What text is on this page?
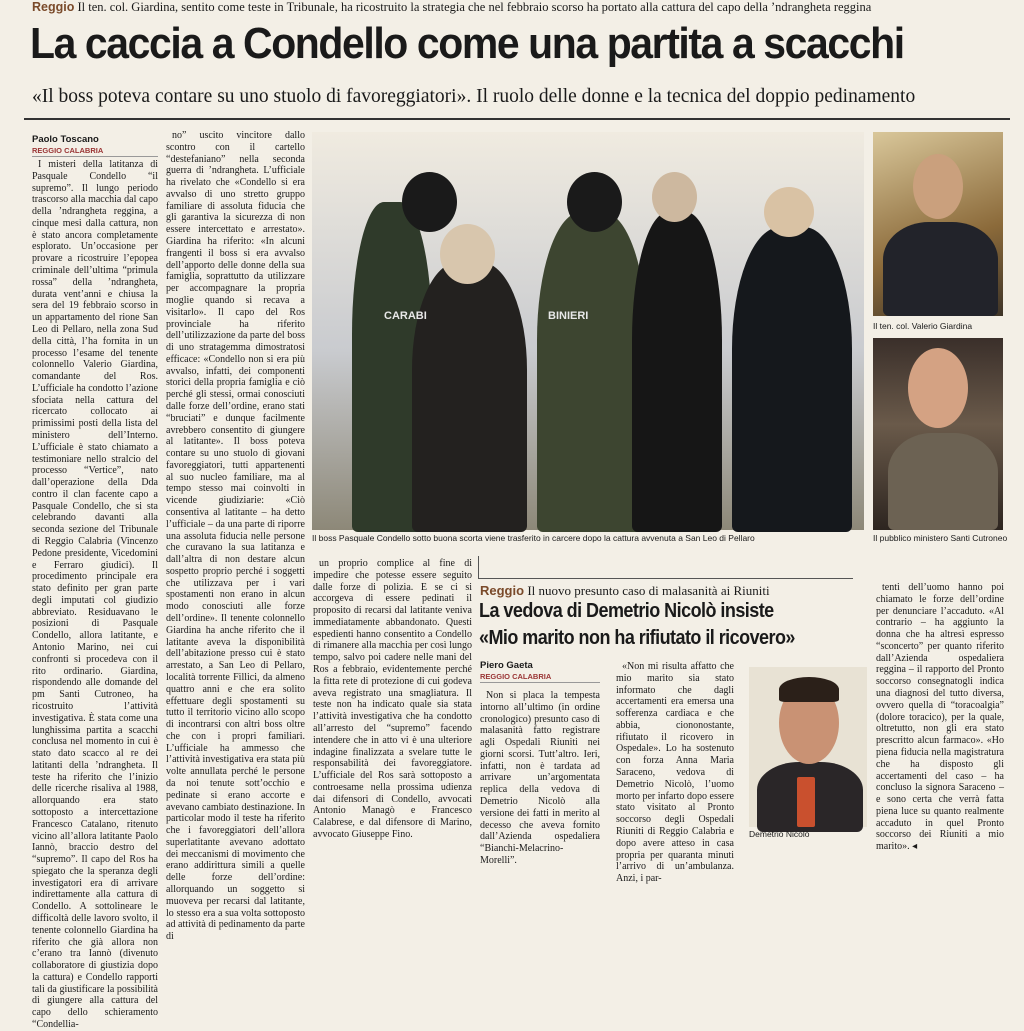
Reggio Il ten. col. Giardina, sentito come teste in Tribunale, ha ricostruito la strategia che nel febbraio scorso ha portato alla cattura del capo della ’ndrangheta reggina
La caccia a Condello come una partita a scacchi
«Il boss poteva contare su uno stuolo di favoreggiatori». Il ruolo delle donne e la tecnica del doppio pedinamento
Paolo Toscano
REGGIO CALABRIA

I misteri della latitanza di Pasquale Condello “il supremo”. Il lungo periodo trascorso alla macchia dal capo della ’ndrangheta reggina, a cinque mesi dalla cattura, non è stato ancora completamente esplorato. Un’occasione per provare a ricostruire l’epopea criminale dell’ultima “primula rossa” della ’ndrangheta, durata vent’anni e chiusa la sera del 19 febbraio scorso in un appartamento del rione San Leo di Pellaro, nella zona Sud della città, l’ha fornita in un processo l’esame del tenente colonnello Valerio Giardina, comandante del Ros. L’ufficiale ha condotto l’azione sfociata nella cattura del ricercato collocato ai primissimi posti della lista del ministero dell’Interno. L’ufficiale è stato chiamato a testimoniare nello stralcio del processo “Vertice”, nato dall’operazione della Dda contro il clan facente capo a Pasquale Condello, che si sta celebrando davanti alla seconda sezione del Tribunale di Reggio Calabria (Vincenzo Pedone presidente, Vicedomini e Ferraro giudici). Il procedimento principale era stato definito per gran parte degli imputati col giudizio abbreviato. Residuavano le posizioni di Pasquale Condello, allora latitante, e Antonio Marino, nei cui confronti si procedeva con il rito ordinario. Giardina, rispondendo alle domande del pm Santi Cutroneo, ha ricostruito l’attività investigativa. È stata come una lunghissima partita a scacchi conclusa nel momento in cui è stato dato scacco al re dei latitanti della ’ndrangheta. Il teste ha riferito che l’inizio delle ricerche risaliva al 1988, allorquando era stato sottoposto a intercettazione Francesco Catalano, ritenuto vicino all’allora latitante Paolo Iannò, braccio destro del “supremo”. Il capo del Ros ha spiegato che la speranza degli investigatori era di arrivare indirettamente alla cattura di Condello. A sottolineare le difficoltà delle lavoro svolto, il tenente colonnello Giardina ha riferito che già allora non c’erano tra Iannò (divenuto collaboratore di giustizia dopo la cattura) e Condello rapporti tali da giustificare la possibilità di giungere alla cattura del capo dello schieramento “Condellia-

no” uscito vincitore dallo scontro con il cartello “destefaniano” nella seconda guerra di ’ndrangheta. L’ufficiale ha rivelato che «Condello si era avvalso di uno stretto gruppo familiare di assoluta fiducia che gli garantiva la sicurezza di non essere intercettato e arrestato». Giardina ha riferito: «In alcuni frangenti il boss si era avvalso dell’apporto delle donne della sua famiglia, soprattutto da utilizzare per accompagnare la propria moglie quando si recava a visitarlo». Il capo del Ros provinciale ha riferito dell’utilizzazione da parte del boss di uno stratagemma dimostratosi efficace: «Condello non si era più avvalso, infatti, dei componenti storici della propria famiglia e ciò perché gli stessi, ormai conosciuti dalle forze dell’ordine, erano stati “bruciati” e dunque facilmente avrebbero consentito di giungere al latitante». Il boss poteva contare su uno stuolo di giovani favoreggiatori, tutti appartenenti al suo nucleo familiare, ma al tempo stesso mai coinvolti in vicende giudiziarie: «Ciò consentiva al latitante – ha detto l’ufficiale – da una parte di riporre una assoluta fiducia nelle persone che curavano la sua latitanza e dall’altra di non destare alcun sospetto proprio perché i soggetti che utilizzava per i vari spostamenti non erano in alcun modo conosciuti alle forze dell’ordine». Il tenente colonnello Giardina ha anche riferito che il latitante aveva la disponibilità dell’abitazione presso cui è stato arrestato, a San Leo di Pellaro, località torrente Fillici, da almeno quattro anni e che era solito effettuare degli spostamenti su tutto il territorio vicino allo scopo di incontrarsi con altri boss oltre che con i propri familiari. L’ufficiale ha ammesso che l’attività investigativa era stata più volte annullata perché le persone da noi tenute sott’occhio e pedinate si erano accorte e avevano cambiato destinazione. In particolar modo il teste ha riferito che i favoreggiatori dell’allora superlatitante avevano adottato dei meccanismi di movimento che erano addirittura simili a quelle delle forze dell’ordine: allorquando un soggetto si muoveva per recarsi dal latitante, lo stesso era a sua volta sottoposto ad attività di pedinamento da parte di

CARABI	BINIERI
Il boss Pasquale Condello sotto buona scorta viene trasferito in carcere dopo la cattura avvenuta a San Leo di Pellaro
Il ten. col. Valerio Giardina
Il pubblico ministero Santi Cutroneo

un proprio complice al fine di impedire che potesse essere seguito dalle forze di polizia. E se ci si accorgeva di essere pedinati il proposito di recarsi dal latitante veniva immediatamente abbandonato. Questi espedienti hanno consentito a Condello di rimanere alla macchia per così lungo tempo, salvo poi cadere nelle mani del Ros a febbraio, evidentemente perché la fitta rete di protezione di cui godeva aveva registrato una smagliatura. Il teste non ha indicato quale sia stata l’attività investigativa che ha condotto all’arresto del “supremo” facendo intendere che in atto vi è una ulteriore indagine finalizzata a svelare tutte le responsabilità dei favoreggiatore. L’ufficiale del Ros sarà sottoposto a controesame nella prossima udienza dai difensori di Condello, avvocati Antonio Managò e Francesco Calabrese, e dal difensore di Marino, avvocato Giuseppe Fino.

Reggio Il nuovo presunto caso di malasanità ai Riuniti
La vedova di Demetrio Nicolò insiste
«Mio marito non ha rifiutato il ricovero»
Piero Gaeta
REGGIO CALABRIA

Non si placa la tempesta intorno all’ultimo (in ordine cronologico) presunto caso di malasanità fatto registrare agli Ospedali Riuniti nei giorni scorsi. Tutt’altro. Ieri, infatti, non è tardata ad arrivare un’argomentata replica della vedova di Demetrio Nicolò alla versione dei fatti in merito al decesso che aveva fornito dall’Azienda ospedaliera “Bianchi-Melacrino-Morelli”.

«Non mi risulta affatto che mio marito sia stato informato che dagli accertamenti era emersa una sofferenza cardiaca e che abbia, ciononostante, rifiutato il ricovero in Ospedale». Lo ha sostenuto con forza Anna Maria Saraceno, vedova di Demetrio Nicolò, l’uomo morto per infarto dopo essere stato visitato al Pronto soccorso degli Ospedali Riuniti di Reggio Calabria e dopo avere atteso in casa propria per quaranta minuti l’arrivo di un’ambulanza. Anzi, i par-

Demetrio Nicolò

tenti dell’uomo hanno poi chiamato le forze dell’ordine per denunciare l’accaduto. «Al contrario – ha aggiunto la donna che ha altresì espresso “sconcerto” per quanto riferito dall’Azienda ospedaliera reggina – il rapporto del Pronto soccorso consegnatogli indica una diagnosi del tutto diversa, ovvero quella di “toracoalgia” (dolore toracico), per la quale, oltretutto, non gli era stato prescritto alcun farmaco». «Ho piena fiducia nella magistratura che ha disposto gli accertamenti del caso – ha concluso la signora Saraceno – e sono certa che verrà fatta piena luce su quanto realmente accaduto in quel Pronto soccorso dei Riuniti a mio marito». ◂
